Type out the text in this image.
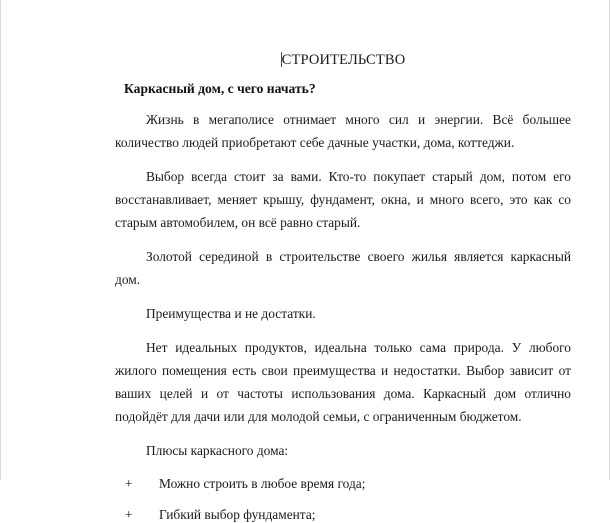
СТРОИТЕЛЬСТВО
Каркасный дом, с чего начать?

Жизнь в мегаполисе отнимает много сил и энергии. Всё большее количество людей приобретают себе дачные участки, дома, коттеджи.

Выбор всегда стоит за вами. Кто-то покупает старый дом, потом его восстанавливает, меняет крышу, фундамент, окна, и много всего, это как со старым автомобилем, он всё равно старый.

Золотой серединой в строительстве своего жилья является каркасный дом.

Преимущества и не достатки.

Нет идеальных продуктов, идеальна только сама природа. У любого жилого помещения есть свои преимущества и недостатки. Выбор зависит от ваших целей и от частоты использования дома. Каркасный дом отлично подойдёт для дачи или для молодой семьи, с ограниченным бюджетом.

Плюсы каркасного дома:

+	Можно строить в любое время года;
+	Гибкий выбор фундамента;
